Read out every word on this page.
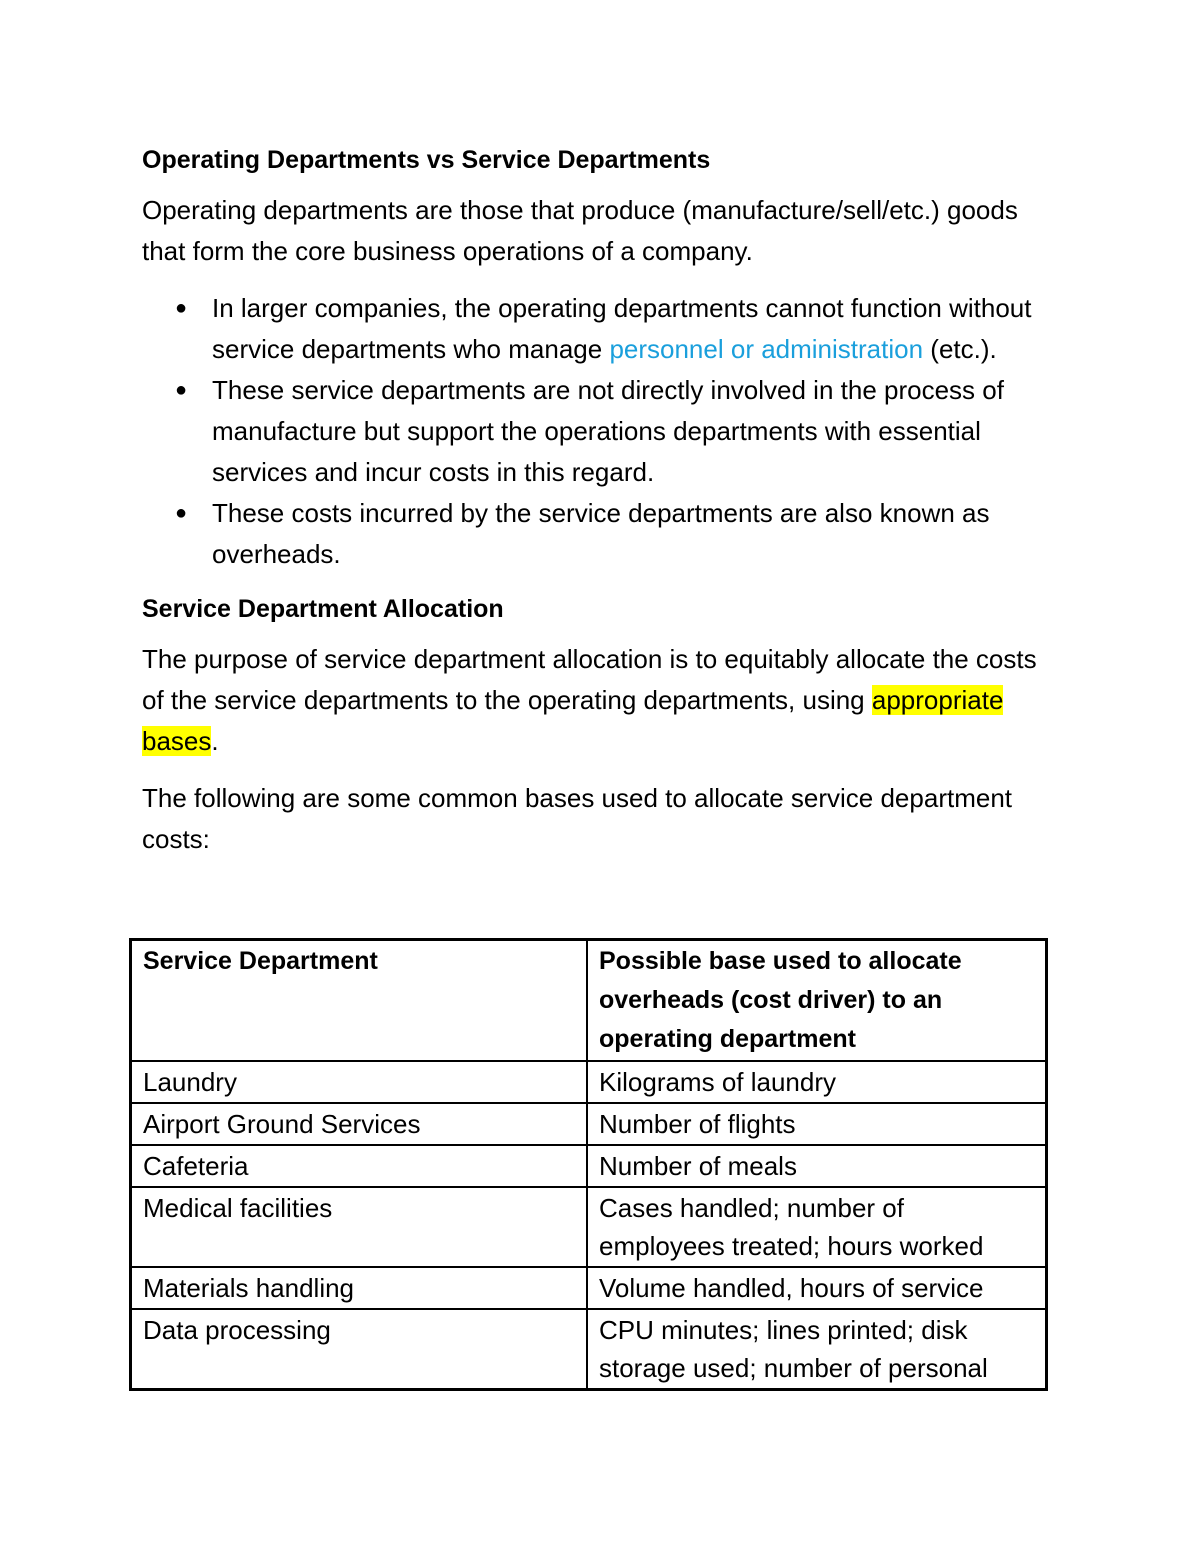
Operating Departments vs Service Departments

Operating departments are those that produce (manufacture/sell/etc.) goods that form the core business operations of a company.

● In larger companies, the operating departments cannot function without service departments who manage personnel or administration (etc.).
● These service departments are not directly involved in the process of manufacture but support the operations departments with essential services and incur costs in this regard.
● These costs incurred by the service departments are also known as overheads.
Service Department Allocation

The purpose of service department allocation is to equitably allocate the costs of the service departments to the operating departments, using appropriate bases.

The following are some common bases used to allocate service department costs:

Service Department	Possible base used to allocate overheads (cost driver) to an operating department
Laundry	Kilograms of laundry
Airport Ground Services	Number of flights
Cafeteria	Number of meals
Medical facilities	Cases handled; number of employees treated; hours worked
Materials handling	Volume handled, hours of service
Data processing	CPU minutes; lines printed; disk storage used; number of personal
